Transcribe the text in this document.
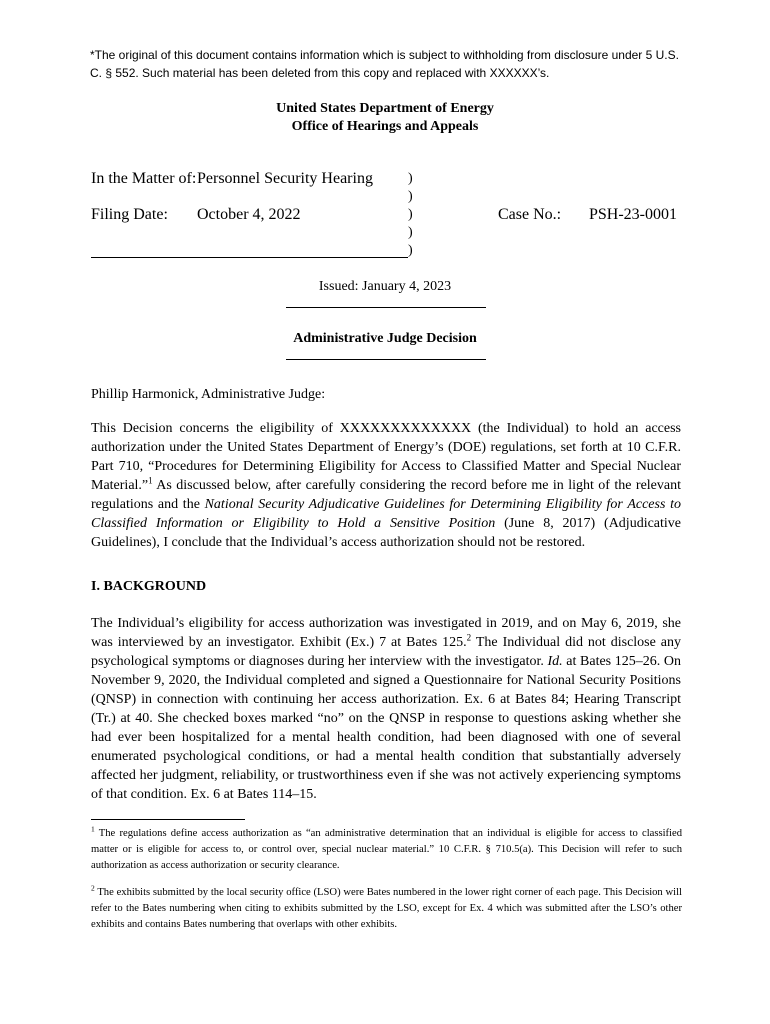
*The original of this document contains information which is subject to withholding from disclosure under 5 U.S. C. § 552. Such material has been deleted from this copy and replaced with XXXXXX’s.
United States Department of Energy
Office of Hearings and Appeals
In the Matter of: Personnel Security Hearing
Filing Date: October 4, 2022	Case No.: PSH-23-0001
)
)
)
)
)
Issued: January 4, 2023
Administrative Judge Decision
Phillip Harmonick, Administrative Judge:
This Decision concerns the eligibility of XXXXXXXXXXXXX (the Individual) to hold an access authorization under the United States Department of Energy’s (DOE) regulations, set forth at 10 C.F.R. Part 710, “Procedures for Determining Eligibility for Access to Classified Matter and Special Nuclear Material.”$^1$ As discussed below, after carefully considering the record before me in light of the relevant regulations and the National Security Adjudicative Guidelines for Determining Eligibility for Access to Classified Information or Eligibility to Hold a Sensitive Position (June 8, 2017) (Adjudicative Guidelines), I conclude that the Individual’s access authorization should not be restored.
I. BACKGROUND
The Individual’s eligibility for access authorization was investigated in 2019, and on May 6, 2019, she was interviewed by an investigator. Exhibit (Ex.) 7 at Bates 125.$^2$ The Individual did not disclose any psychological symptoms or diagnoses during her interview with the investigator. Id. at Bates 125–26. On November 9, 2020, the Individual completed and signed a Questionnaire for National Security Positions (QNSP) in connection with continuing her access authorization. Ex. 6 at Bates 84; Hearing Transcript (Tr.) at 40. She checked boxes marked “no” on the QNSP in response to questions asking whether she had ever been hospitalized for a mental health condition, had been diagnosed with one of several enumerated psychological conditions, or had a mental health condition that substantially adversely affected her judgment, reliability, or trustworthiness even if she was not actively experiencing symptoms of that condition. Ex. 6 at Bates 114–15.
$^1$ The regulations define access authorization as “an administrative determination that an individual is eligible for access to classified matter or is eligible for access to, or control over, special nuclear material.” 10 C.F.R. § 710.5(a). This Decision will refer to such authorization as access authorization or security clearance.
$^2$ The exhibits submitted by the local security office (LSO) were Bates numbered in the lower right corner of each page. This Decision will refer to the Bates numbering when citing to exhibits submitted by the LSO, except for Ex. 4 which was submitted after the LSO’s other exhibits and contains Bates numbering that overlaps with other exhibits.
